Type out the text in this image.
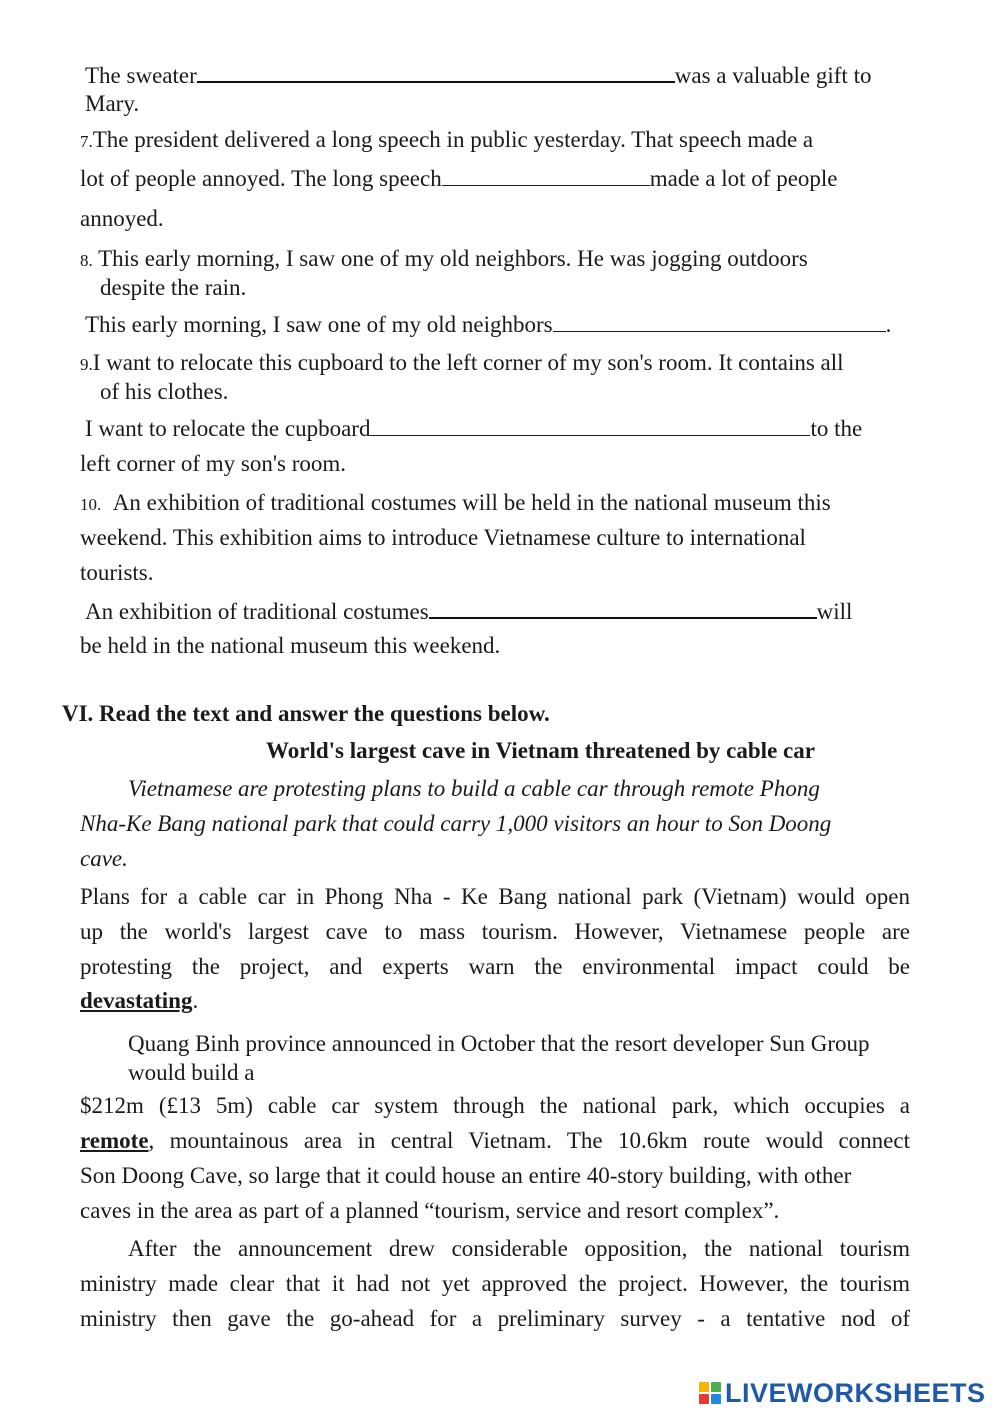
The sweater	was a valuable gift to
Mary.
7.The president delivered a long speech in public yesterday. That speech made a
lot of people annoyed. The long speech	made a lot of people
annoyed.
8. This early morning, I saw one of my old neighbors. He was jogging outdoors
despite the rain.
This early morning, I saw one of my old neighbors	.
9.I want to relocate this cupboard to the left corner of my son's room. It contains all
of his clothes.
I want to relocate the cupboard	to the
left corner of my son's room.
10. An exhibition of traditional costumes will be held in the national museum this
weekend. This exhibition aims to introduce Vietnamese culture to international
tourists.
An exhibition of traditional costumes	will
be held in the national museum this weekend.
VI. Read the text and answer the questions below.
World's largest cave in Vietnam threatened by cable car
Vietnamese are protesting plans to build a cable car through remote Phong
Nha-Ke Bang national park that could carry 1,000 visitors an hour to Son Doong
cave.
Plans for a cable car in Phong Nha - Ke Bang national park (Vietnam) would open
up the world's largest cave to mass tourism. However, Vietnamese people are
protesting the project, and experts warn the environmental impact could be
devastating.
Quang Binh province announced in October that the resort developer Sun Group
would build a
$212m (£13 5m) cable car system through the national park, which occupies a
remote , mountainous area in central Vietnam. The 10.6km route would connect
Son Doong Cave, so large that it could house an entire 40-story building, with other
caves in the area as part of a planned “tourism, service and resort complex”.
After the announcement drew considerable opposition, the national tourism
ministry made clear that it had not yet approved the project. However, the tourism
ministry then gave the go-ahead for a preliminary survey - a tentative nod of
LIVEWORKSHEETS
